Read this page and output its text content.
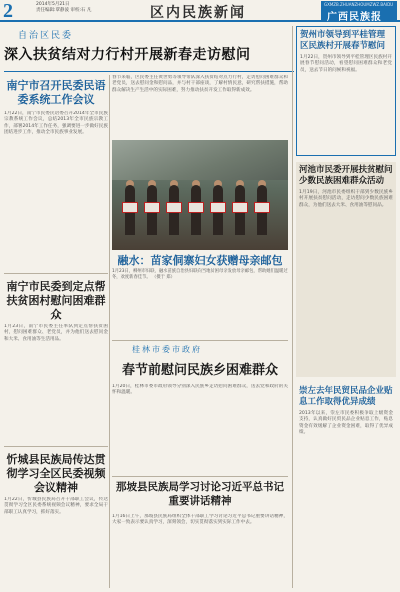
2	2014年5月21日
责任编辑:覃静波 审校:石 凡	区内民族新闻
GXMZB.ZHUANZHOUMZWZ.BAIDU
广西民族报
自治区民委
深入扶贫结对力行村开展新春走访慰问
春节来临，区民委主任黄世勇等领导带队深入扶贫结对点力行村，走访慰问困难群众和老党员，送去慰问金和慰问品，并与村干部座谈，了解村情民意，研究帮扶措施，帮助群众解决生产生活中的实际困难，努力推动扶贫开发工作取得新成效。
南宁市召开民委民语委系统工作会议
1月22日，南宁市民委民语委召开2014年全市民族宗教系统工作会议，总结2013年全市民族宗教工作，部署2014年工作任务，强调要进一步做好民族团结进步工作，推动全市民族事业发展。
南宁市民委到定点帮扶贫困村慰问困难群众
1月23日，南宁市民委主任率队到定点帮扶贫困村，慰问困难群众、老党员，并为他们送去慰问金和大米、食用油等生活用品。
忻城县民族局传达贯彻学习全区民委视频会议精神
1月22日，忻城县民族局召开干部职工会议，传达贯彻学习全区民委系统视频会议精神，要求全局干部职工认真学习，抓好落实。
融水：苗家侗寨妇女获赠母亲邮包
1月23日，柳州市妇联、融水苗族自治县妇联向当地贫困母亲发放母亲邮包，帮助她们温暖过冬，欢度新春佳节。 （摄于 郑）
桂林市委市政府
春节前慰问民族乡困难群众
1月20日，桂林市委市政府领导分别深入民族乡走访慰问困难群众，送去党和政府的关怀和温暖。
那坡县民族局学习讨论习近平总书记重要讲话精神
1月16日上午，那坡县民族局组织全体干部职工学习讨论习近平总书记重要讲话精神，大家一致表示要认真学习，深刻领会，切实贯彻落实到实际工作中去。
贺州市领导到平桂管理区民族村开展春节慰问
1月22日，贺州市领导到平桂管理区民族村开展春节慰问活动，看望慰问困难群众和老党员，送去节日的问候和祝福。
河池市民委开展扶贫慰问少数民族困难群众活动
1月19日，河池市民委组织干部到少数民族乡村开展扶贫慰问活动，走访慰问少数民族困难群众，为他们送去大米、食用油等慰问品。
崇左去年民贸民品企业贴息工作取得优异成绩
2013年以来，崇左市民委积极争取上级资金支持，认真做好民贸民品企业贴息工作，贴息资金有效缓解了企业资金困难，取得了优异成绩。
